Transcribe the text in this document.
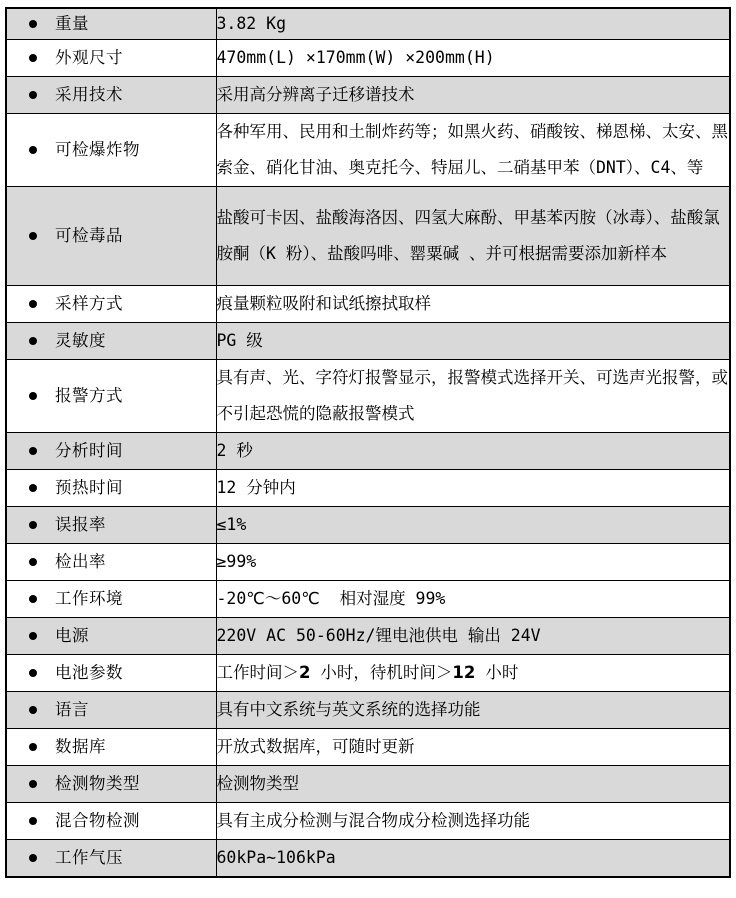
重量	3.82 Kg

外观尺寸	470mm(L) ×170mm(W) ×200mm(H)

采用技术	采用高分辨离子迁移谱技术

可检爆炸物	各种军用、民用和土制炸药等；如黑火药、硝酸铵、梯恩梯、太安、黑索金、硝化甘油、奥克托今、特屈儿、二硝基甲苯（DNT）、C4、等

可检毒品	盐酸可卡因、盐酸海洛因、四氢大麻酚、甲基苯丙胺（冰毒）、盐酸氯胺酮（K 粉）、盐酸吗啡、罂粟碱 、并可根据需要添加新样本

采样方式	痕量颗粒吸附和试纸擦拭取样

灵敏度	PG 级

报警方式	具有声、光、字符灯报警显示，报警模式选择开关、可选声光报警，或不引起恐慌的隐蔽报警模式

分析时间	2 秒

预热时间	12 分钟内

误报率	≤1%

检出率	≥99%

工作环境	-20℃～60℃  相对湿度 99%

电源	220V AC 50-60Hz/锂电池供电 输出 24V

电池参数	工作时间＞2 小时，待机时间＞12 小时

语言	具有中文系统与英文系统的选择功能

数据库	开放式数据库，可随时更新

检测物类型	检测物类型

混合物检测	具有主成分检测与混合物成分检测选择功能

工作气压	60kPa~106kPa
